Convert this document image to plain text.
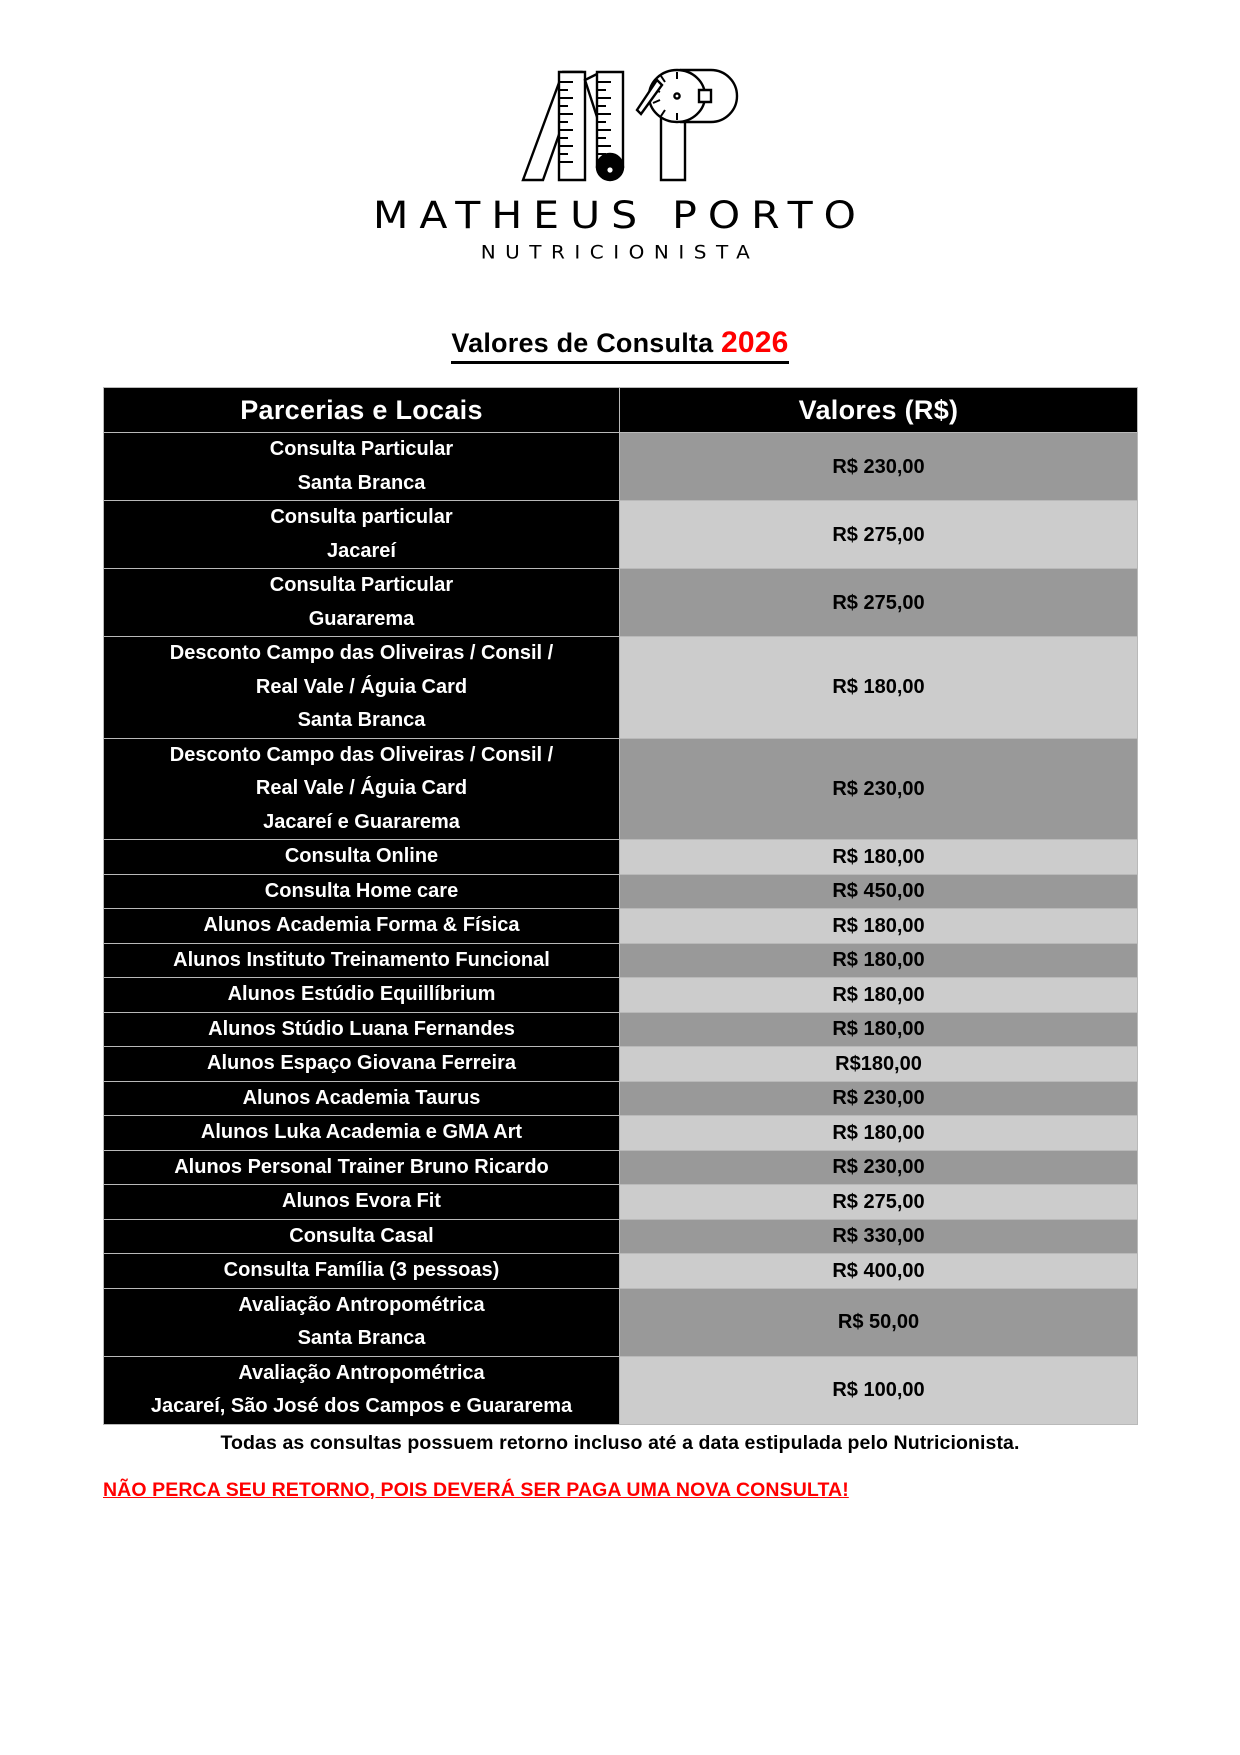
MATHEUS PORTO
NUTRICIONISTA
Valores de Consulta 2026
Parcerias e Locais	Valores (R$)

Consulta Particular
Santa Branca	R$ 230,00

Consulta particular
Jacareí	R$ 275,00

Consulta Particular
Guararema	R$ 275,00

Desconto Campo das Oliveiras / Consil /
Real Vale / Águia Card
Santa Branca	R$ 180,00

Desconto Campo das Oliveiras / Consil /
Real Vale / Águia Card
Jacareí e Guararema	R$ 230,00

Consulta Online	R$ 180,00

Consulta Home care	R$ 450,00

Alunos Academia Forma & Física	R$ 180,00

Alunos Instituto Treinamento Funcional	R$ 180,00

Alunos Estúdio Equillíbrium	R$ 180,00

Alunos Stúdio Luana Fernandes	R$ 180,00

Alunos Espaço Giovana Ferreira	R$180,00

Alunos Academia Taurus	R$ 230,00

Alunos Luka Academia e GMA Art	R$ 180,00

Alunos Personal Trainer Bruno Ricardo	R$ 230,00

Alunos Evora Fit	R$ 275,00

Consulta Casal	R$ 330,00

Consulta Família (3 pessoas)	R$ 400,00

Avaliação Antropométrica
Santa Branca	R$ 50,00

Avaliação Antropométrica
Jacareí, São José dos Campos e Guararema	R$ 100,00
Todas as consultas possuem retorno incluso até a data estipulada pelo Nutricionista.
NÃO PERCA SEU RETORNO, POIS DEVERÁ SER PAGA UMA NOVA CONSULTA!
